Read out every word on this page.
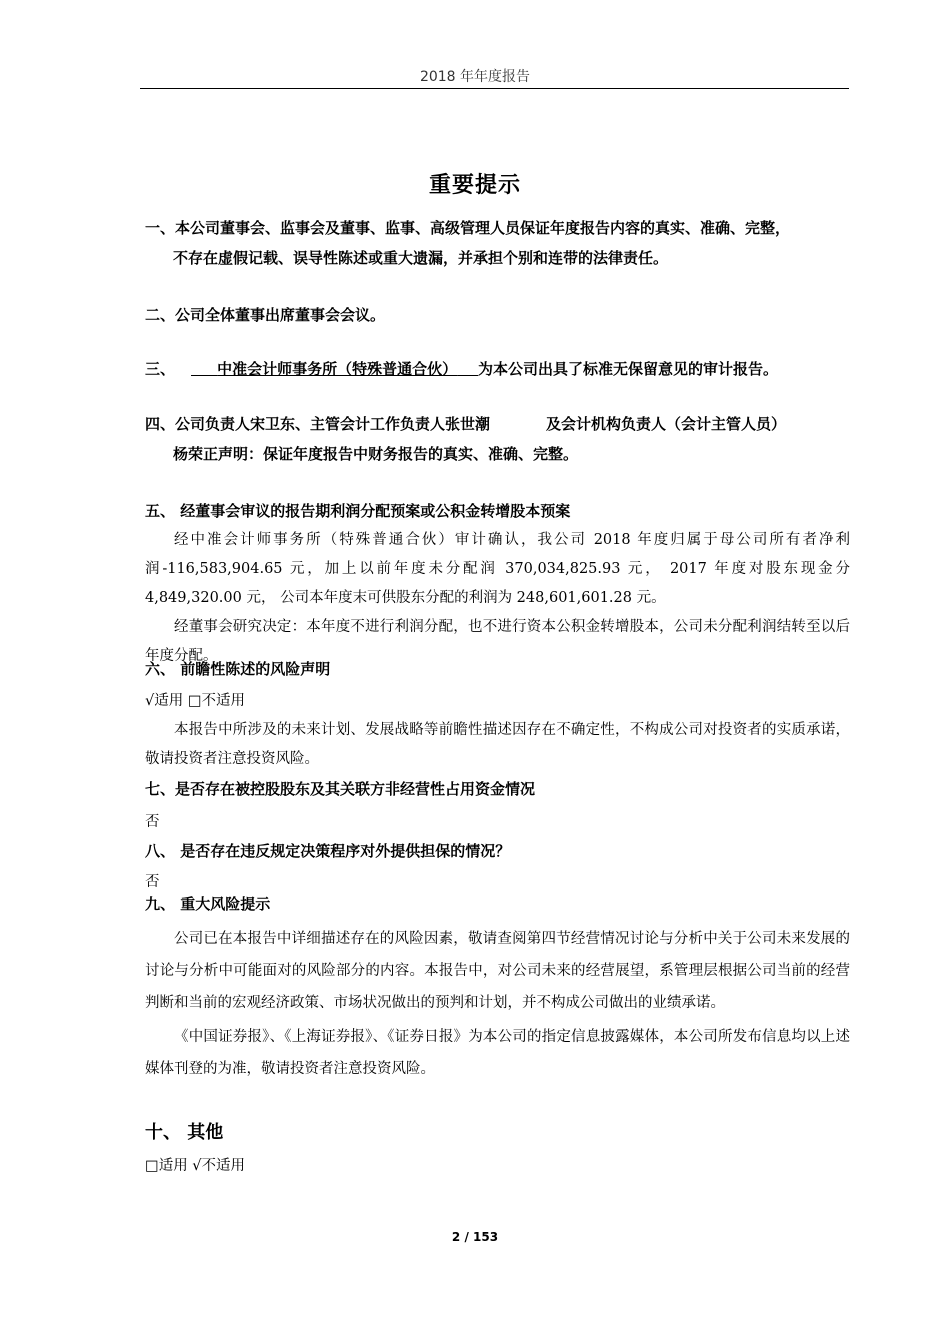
2018 年年度报告
重要提示
一、本公司董事会、监事会及董事、监事、高级管理人员保证年度报告内容的真实、准确、完整，
不存在虚假记载、误导性陈述或重大遗漏，并承担个别和连带的法律责任。
二、公司全体董事出席董事会会议。
三、	中准会计师事务所（特殊普通合伙） 为本公司出具了标准无保留意见的审计报告。
四、公司负责人宋卫东、主管会计工作负责人张世潮	及会计机构负责人（会计主管人员）
杨荣正声明：保证年度报告中财务报告的真实、准确、完整。
五、 经董事会审议的报告期利润分配预案或公积金转增股本预案
经中准会计师事务所（特殊普通合伙）审计确认，我公司 2018 年度归属于母公司所有者净利润-116,583,904.65 元，加上以前年度未分配润 370,034,825.93 元， 2017 年度对股东现金分 4,849,320.00 元， 公司本年度末可供股东分配的利润为 248,601,601.28 元。
经董事会研究决定：本年度不进行利润分配，也不进行资本公积金转增股本，公司未分配利润结转至以后年度分配。
六、 前瞻性陈述的风险声明
√适用 □不适用
本报告中所涉及的未来计划、发展战略等前瞻性描述因存在不确定性，不构成公司对投资者的实质承诺，敬请投资者注意投资风险。
七、是否存在被控股股东及其关联方非经营性占用资金情况
否
八、 是否存在违反规定决策程序对外提供担保的情况？
否
九、 重大风险提示
公司已在本报告中详细描述存在的风险因素，敬请查阅第四节经营情况讨论与分析中关于公司未来发展的讨论与分析中可能面对的风险部分的内容。本报告中，对公司未来的经营展望，系管理层根据公司当前的经营判断和当前的宏观经济政策、市场状况做出的预判和计划，并不构成公司做出的业绩承诺。
《中国证券报》、《上海证券报》、《证券日报》为本公司的指定信息披露媒体，本公司所发布信息均以上述媒体刊登的为准，敬请投资者注意投资风险。
十、 其他
□适用 √不适用
2 / 153
